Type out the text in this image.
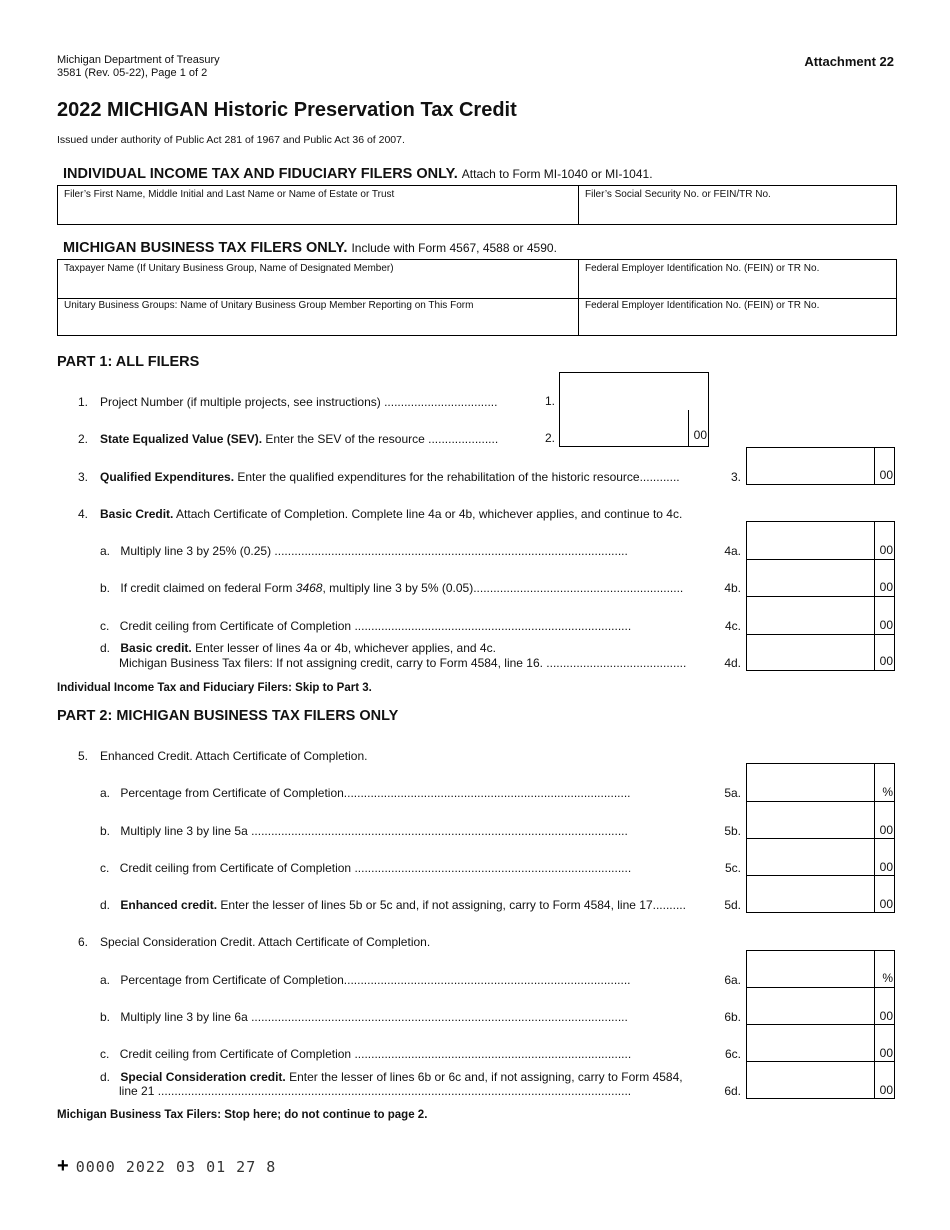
Michigan Department of Treasury
3581 (Rev. 05-22), Page 1 of 2
Attachment 22
2022 MICHIGAN Historic Preservation Tax Credit
Issued under authority of Public Act 281 of 1967 and Public Act 36 of 2007.
INDIVIDUAL INCOME TAX AND FIDUCIARY FILERS ONLY. Attach to Form MI-1040 or MI-1041.
Filer’s First Name, Middle Initial and Last Name or Name of Estate or Trust	Filer’s Social Security No. or FEIN/TR No.
MICHIGAN BUSINESS TAX FILERS ONLY. Include with Form 4567, 4588 or 4590.
Taxpayer Name (If Unitary Business Group, Name of Designated Member)	Federal Employer Identification No. (FEIN) or TR No.
Unitary Business Groups: Name of Unitary Business Group Member Reporting on This Form	Federal Employer Identification No. (FEIN) or TR No.
PART 1: ALL FILERS
1. Project Number (if multiple projects, see instructions) ..................................	1.
2. State Equalized Value (SEV). Enter the SEV of the resource .....................	2.	00
3. Qualified Expenditures. Enter the qualified expenditures for the rehabilitation of the historic resource............	3.	00
4. Basic Credit. Attach Certificate of Completion. Complete line 4a or 4b, whichever applies, and continue to 4c.
a. Multiply line 3 by 25% (0.25) ..........................................................................................................	4a.	00
b. If credit claimed on federal Form 3468, multiply line 3 by 5% (0.05)...............................................................	4b.	00
c. Credit ceiling from Certificate of Completion ...................................................................................	4c.	00
d. Basic credit. Enter lesser of lines 4a or 4b, whichever applies, and 4c.
Michigan Business Tax filers: If not assigning credit, carry to Form 4584, line 16. ..........................................	4d.	00
Individual Income Tax and Fiduciary Filers: Skip to Part 3.
PART 2: MICHIGAN BUSINESS TAX FILERS ONLY
5. Enhanced Credit. Attach Certificate of Completion.
a. Percentage from Certificate of Completion......................................................................................	5a.	%
b. Multiply line 3 by line 5a .................................................................................................................	5b.	00
c. Credit ceiling from Certificate of Completion ...................................................................................	5c.	00
d. Enhanced credit. Enter the lesser of lines 5b or 5c and, if not assigning, carry to Form 4584, line 17..........	5d.	00
6. Special Consideration Credit. Attach Certificate of Completion.
a. Percentage from Certificate of Completion......................................................................................	6a.	%
b. Multiply line 3 by line 6a .................................................................................................................	6b.	00
c. Credit ceiling from Certificate of Completion ...................................................................................	6c.	00
d. Special Consideration credit. Enter the lesser of lines 6b or 6c and, if not assigning, carry to Form 4584,
line 21 ..............................................................................................................................................	6d.	00
Michigan Business Tax Filers: Stop here; do not continue to page 2.
+ 0000 2022 03 01 27 8
